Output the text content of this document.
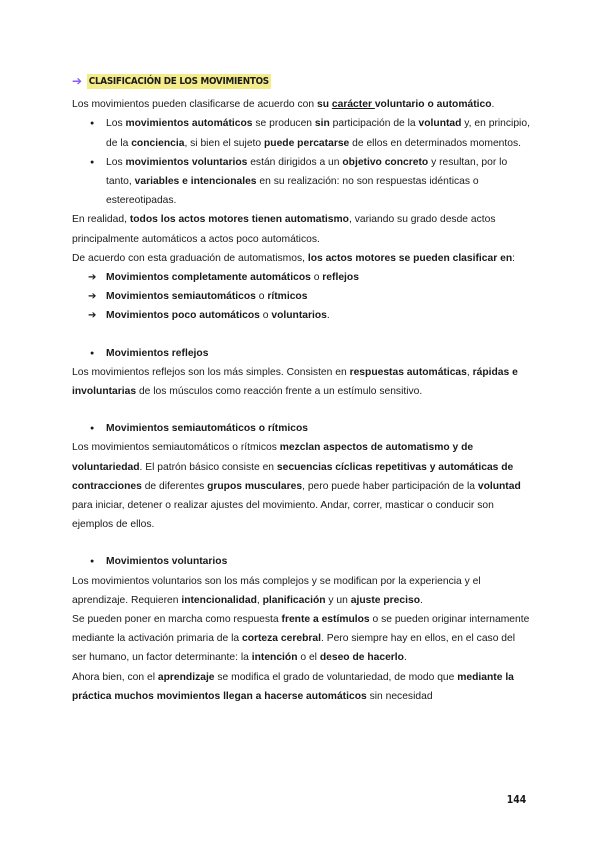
➔ CLASIFICACIÓN DE LOS MOVIMIENTOS

Los movimientos pueden clasificarse de acuerdo con su carácter voluntario o automático.

● Los movimientos automáticos se producen sin participación de la voluntad y, en principio, de la conciencia, si bien el sujeto puede percatarse de ellos en determinados momentos.
● Los movimientos voluntarios están dirigidos a un objetivo concreto y resultan, por lo tanto, variables e intencionales en su realización: no son respuestas idénticas o estereotipadas.

En realidad, todos los actos motores tienen automatismo, variando su grado desde actos principalmente automáticos a actos poco automáticos.

De acuerdo con esta graduación de automatismos, los actos motores se pueden clasificar en:

➔ Movimientos completamente automáticos o reflejos
➔ Movimientos semiautomáticos o rítmicos
➔ Movimientos poco automáticos o voluntarios.
● Movimientos reflejos

Los movimientos reflejos son los más simples. Consisten en respuestas automáticas, rápidas e involuntarias de los músculos como reacción frente a un estímulo sensitivo.

● Movimientos semiautomáticos o rítmicos

Los movimientos semiautomáticos o rítmicos mezclan aspectos de automatismo y de voluntariedad. El patrón básico consiste en secuencias cíclicas repetitivas y automáticas de contracciones de diferentes grupos musculares, pero puede haber participación de la voluntad para iniciar, detener o realizar ajustes del movimiento. Andar, correr, masticar o conducir son ejemplos de ellos.

● Movimientos voluntarios

Los movimientos voluntarios son los más complejos y se modifican por la experiencia y el aprendizaje. Requieren intencionalidad, planificación y un ajuste preciso.

Se pueden poner en marcha como respuesta frente a estímulos o se pueden originar internamente mediante la activación primaria de la corteza cerebral. Pero siempre hay en ellos, en el caso del ser humano, un factor determinante: la intención o el deseo de hacerlo.

Ahora bien, con el aprendizaje se modifica el grado de voluntariedad, de modo que mediante la práctica muchos movimientos llegan a hacerse automáticos sin necesidad

144
